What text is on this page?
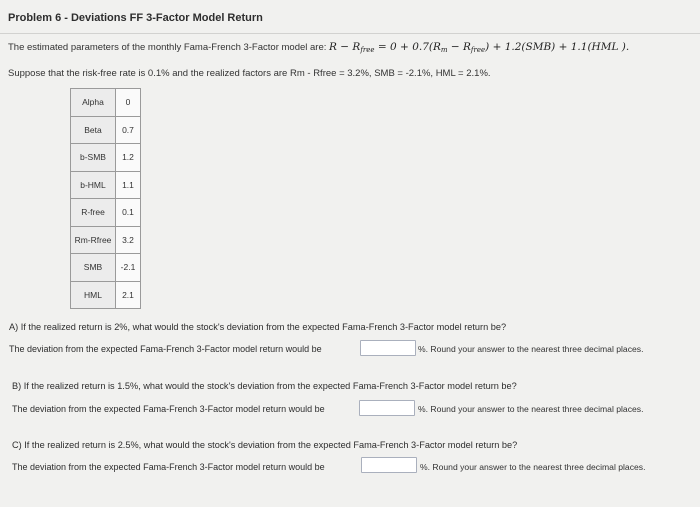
Problem 6 - Deviations FF 3-Factor Model Return
The estimated parameters of the monthly Fama-French 3-Factor model are: $R - R_{free} = 0 + 0.7(R_m - R_{free}) + 1.2(SMB) + 1.1(HML$ ).
Suppose that the risk-free rate is 0.1% and the realized factors are Rm - Rfree = 3.2%, SMB = -2.1%, HML = 2.1%.
Alpha	0
Beta	0.7
b-SMB	1.2
b-HML	1.1
R-free	0.1
Rm-Rfree	3.2
SMB	-2.1
HML	2.1
A) If the realized return is 2%, what would the stock's deviation from the expected Fama-French 3-Factor model return be?
The deviation from the expected Fama-French 3-Factor model return would be	%. Round your answer to the nearest three decimal places.
B) If the realized return is 1.5%, what would the stock's deviation from the expected Fama-French 3-Factor model return be?
The deviation from the expected Fama-French 3-Factor model return would be	%. Round your answer to the nearest three decimal places.
C) If the realized return is 2.5%, what would the stock's deviation from the expected Fama-French 3-Factor model return be?
The deviation from the expected Fama-French 3-Factor model return would be	%. Round your answer to the nearest three decimal places.
